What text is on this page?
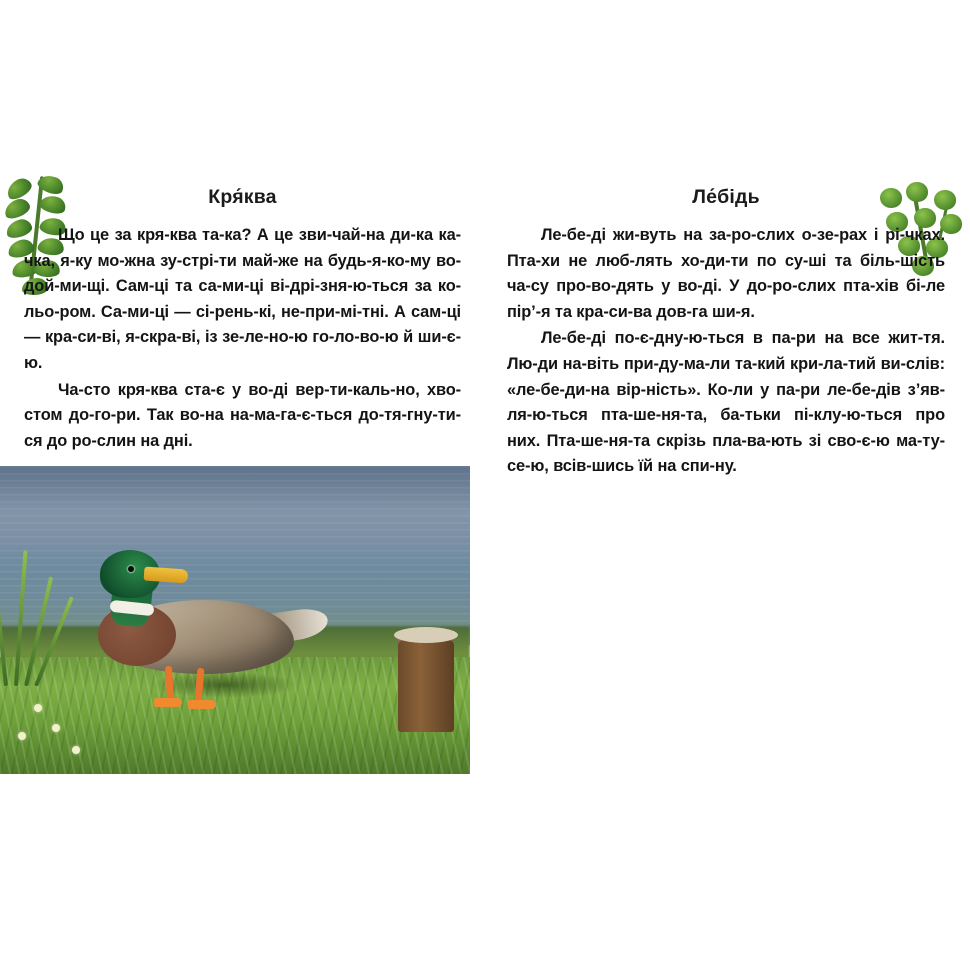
Кря́ква

Що це за кря-ква та-ка? А це зви-чай-на ди-ка ка-чка, я-ку мо-жна зу-стрі-ти май-же на будь-я-ко-му во-дой-ми-щі. Сам-ці та са-ми-ці ві-дрі-зня-ю-ться за ко-льо-ром. Са-ми-ці — сі-рень-кі, не-при-мі-тні. А сам-ці — кра-си-ві, я-скра-ві, із зе-ле-но-ю го-ло-во-ю й ши-є-ю.

Ча-сто кря-ква ста-є у во-ді вер-ти-каль-но, хво-стом до-го-ри. Так во-на на-ма-га-є-ться до-тя-гну-ти-ся до ро-слин на дні.

Ле́бідь

Ле-бе-ді жи-вуть на за-ро-слих о-зе-рах і рі-чках. Пта-хи не люб-лять хо-ди-ти по су-ші та біль-шість ча-су про-во-дять у во-ді. У до-ро-слих пта-хів бі-ле пір’-я та кра-си-ва дов-га ши-я.

Ле-бе-ді по-є-дну-ю-ться в па-ри на все жит-тя. Лю-ди на-віть при-ду-ма-ли та-кий кри-ла-тий ви-слів: «ле-бе-ди-на вір-ність». Ко-ли у па-ри ле-бе-дів з’яв-ля-ю-ться пта-ше-ня-та, ба-тьки пі-клу-ю-ться про них. Пта-ше-ня-та скрізь пла-ва-ють зі сво-є-ю ма-ту-се-ю, всів-шись їй на спи-ну.
